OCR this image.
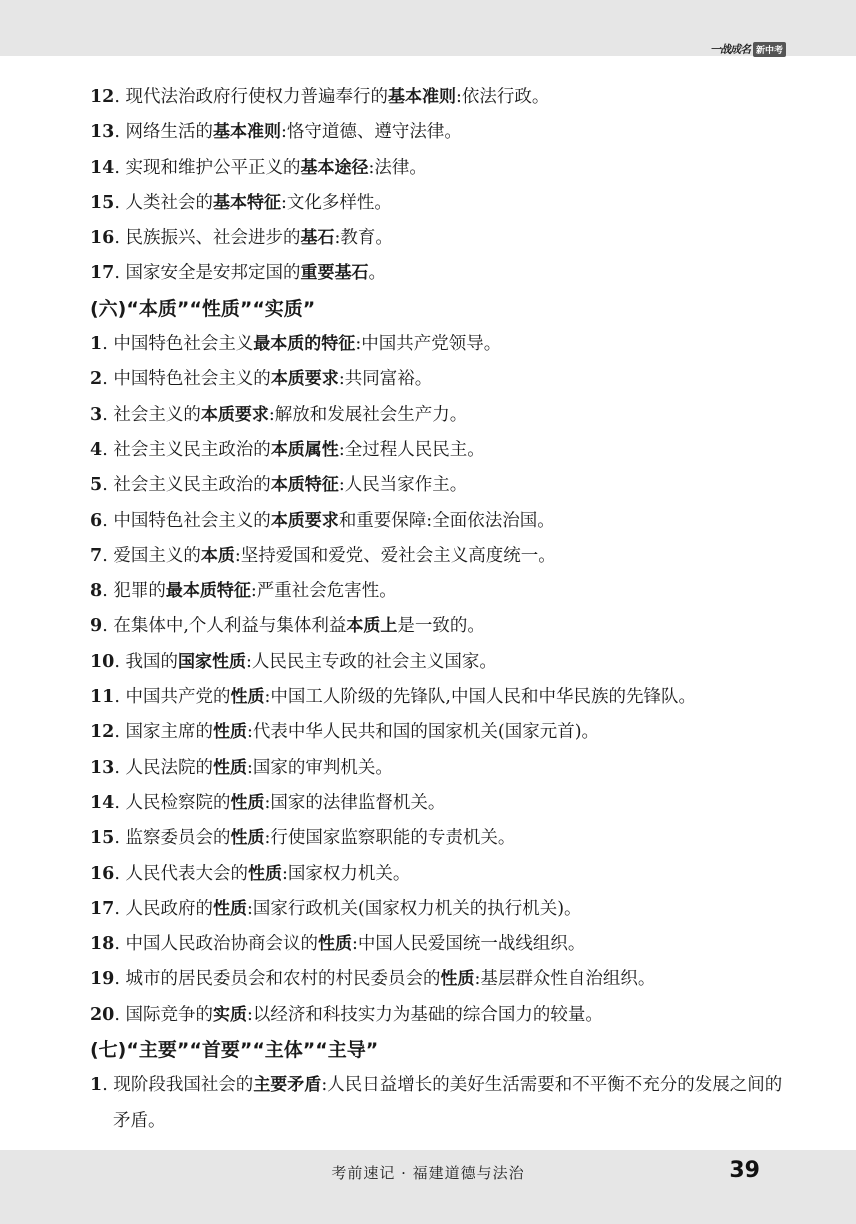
一战成名 新中考
12. 现代法治政府行使权力普遍奉行的基本准则:依法行政。
13. 网络生活的基本准则:恪守道德、遵守法律。
14. 实现和维护公平正义的基本途径:法律。
15. 人类社会的基本特征:文化多样性。
16. 民族振兴、社会进步的基石:教育。
17. 国家安全是安邦定国的重要基石。
(六)“本质”“性质”“实质”
1. 中国特色社会主义最本质的特征:中国共产党领导。
2. 中国特色社会主义的本质要求:共同富裕。
3. 社会主义的本质要求:解放和发展社会生产力。
4. 社会主义民主政治的本质属性:全过程人民民主。
5. 社会主义民主政治的本质特征:人民当家作主。
6. 中国特色社会主义的本质要求和重要保障:全面依法治国。
7. 爱国主义的本质:坚持爱国和爱党、爱社会主义高度统一。
8. 犯罪的最本质特征:严重社会危害性。
9. 在集体中,个人利益与集体利益本质上是一致的。
10. 我国的国家性质:人民民主专政的社会主义国家。
11. 中国共产党的性质:中国工人阶级的先锋队,中国人民和中华民族的先锋队。
12. 国家主席的性质:代表中华人民共和国的国家机关(国家元首)。
13. 人民法院的性质:国家的审判机关。
14. 人民检察院的性质:国家的法律监督机关。
15. 监察委员会的性质:行使国家监察职能的专责机关。
16. 人民代表大会的性质:国家权力机关。
17. 人民政府的性质:国家行政机关(国家权力机关的执行机关)。
18. 中国人民政治协商会议的性质:中国人民爱国统一战线组织。
19. 城市的居民委员会和农村的村民委员会的性质:基层群众性自治组织。
20. 国际竞争的实质:以经济和科技实力为基础的综合国力的较量。
(七)“主要”“首要”“主体”“主导”
1. 现阶段我国社会的主要矛盾:人民日益增长的美好生活需要和不平衡不充分的发展之间的矛盾。
考前速记 · 福建道德与法治	39
